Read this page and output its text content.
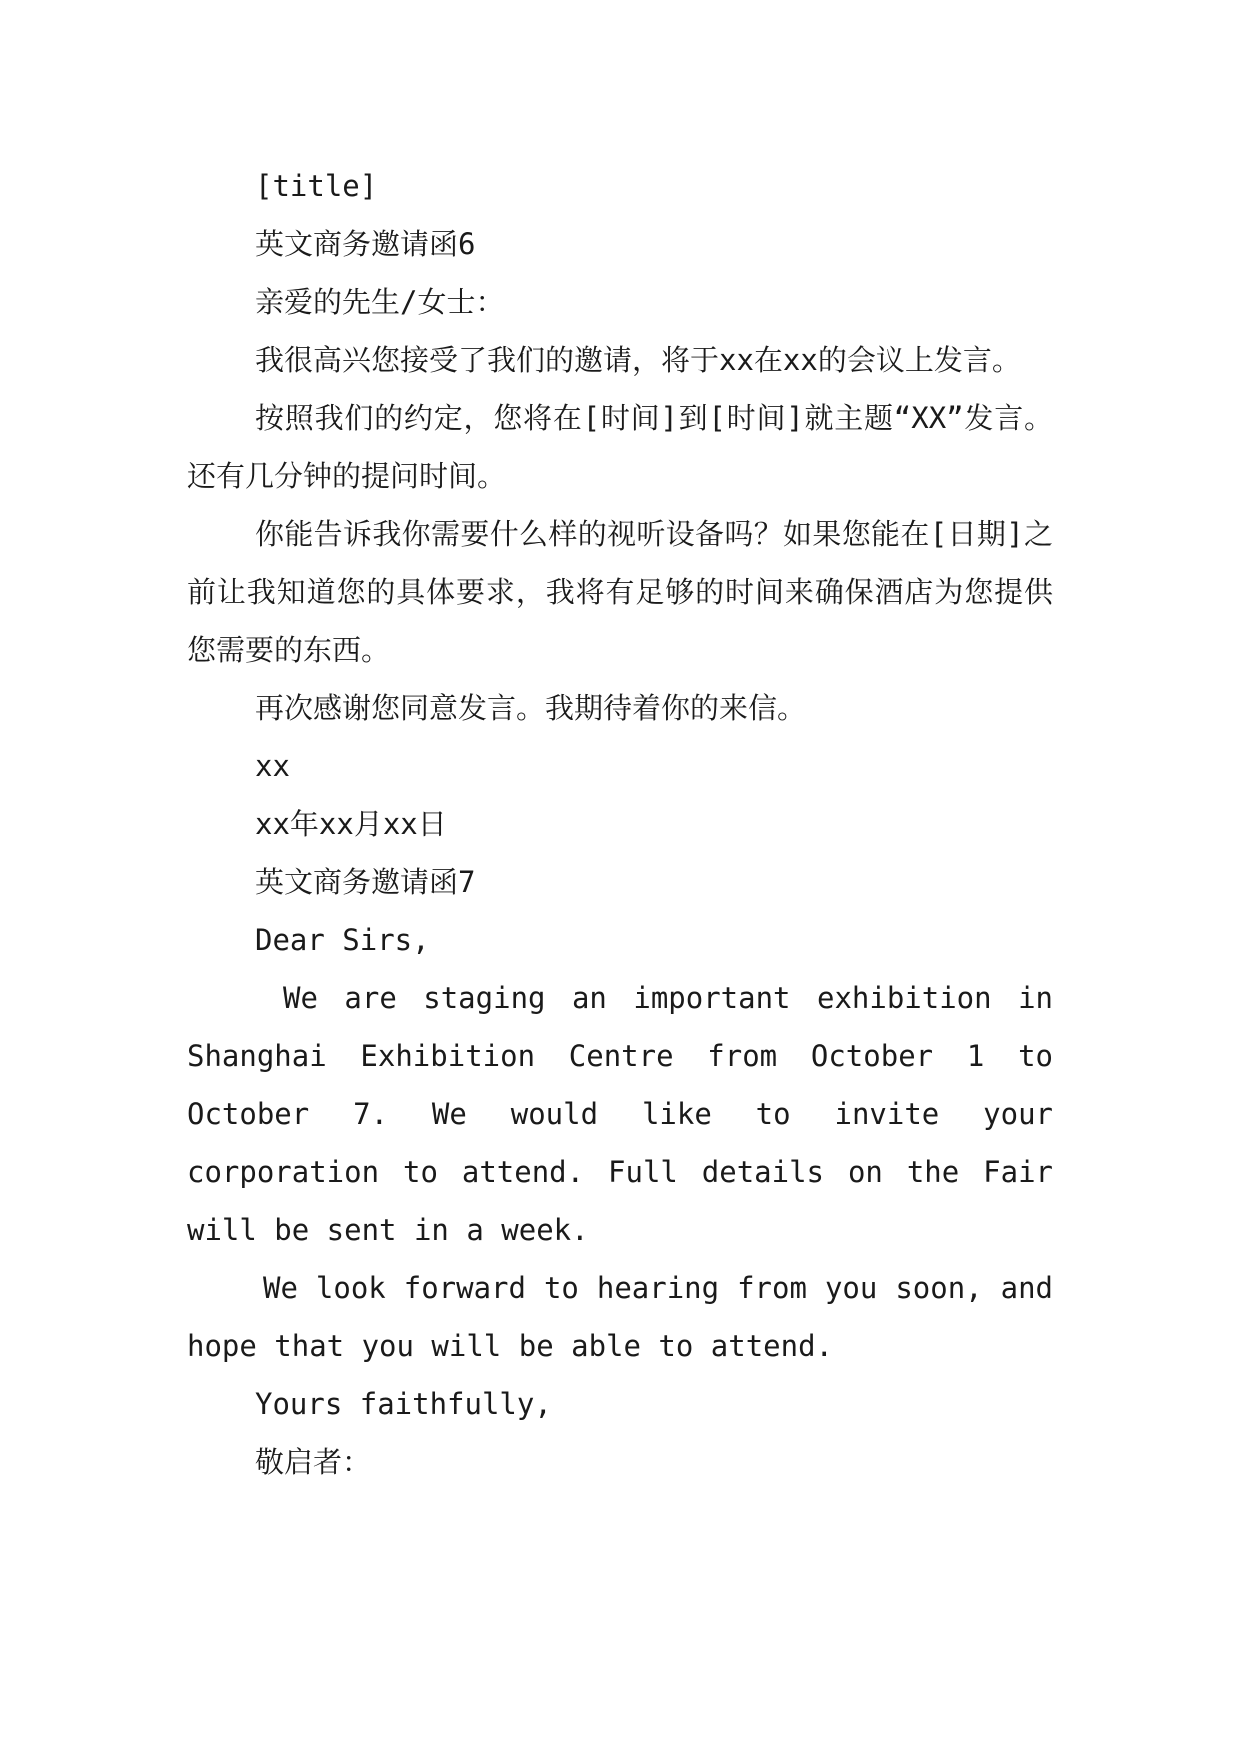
[title]

英文商务邀请函6

亲爱的先生/女士：

我很高兴您接受了我们的邀请，将于xx在xx的会议上发言。

按照我们的约定，您将在[时间]到[时间]就主题“XX”发言。还有几分钟的提问时间。

你能告诉我你需要什么样的视听设备吗？如果您能在[日期]之前让我知道您的具体要求，我将有足够的时间来确保酒店为您提供您需要的东西。

再次感谢您同意发言。我期待着你的来信。

xx

xx年xx月xx日

英文商务邀请函7

Dear Sirs,

We are staging an important exhibition in Shanghai Exhibition Centre from October 1 to October 7. We would like to invite your corporation to attend. Full details on the Fair will be sent in a week.

We look forward to hearing from you soon, and hope that you will be able to attend.

Yours faithfully,

敬启者：
